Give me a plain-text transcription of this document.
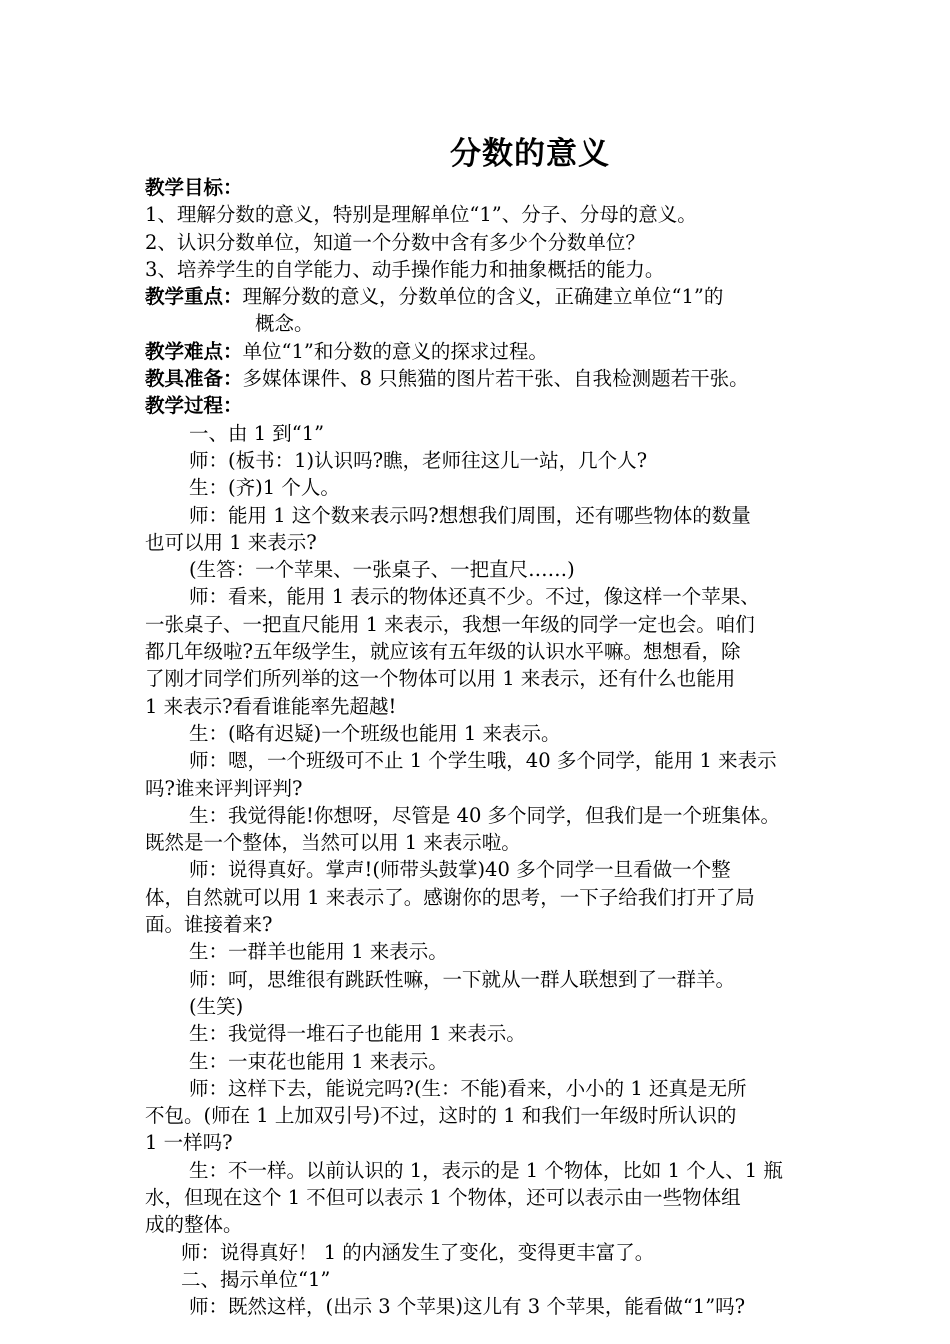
分数的意义
教学目标：
1、理解分数的意义，特别是理解单位“1”、分子、分母的意义。
2、认识分数单位，知道一个分数中含有多少个分数单位？
3、培养学生的自学能力、动手操作能力和抽象概括的能力。
教学重点：理解分数的意义，分数单位的含义，正确建立单位“1”的
概念。
教学难点：单位“1”和分数的意义的探求过程。
教具准备：多媒体课件、8 只熊猫的图片若干张、自我检测题若干张。
教学过程：
一、由 1 到“1”
师：(板书：1)认识吗?瞧，老师往这儿一站，几个人?
生：(齐)1 个人。
师：能用 1 这个数来表示吗?想想我们周围，还有哪些物体的数量
也可以用 1 来表示?
(生答：一个苹果、一张桌子、一把直尺……)
师：看来，能用 1 表示的物体还真不少。不过，像这样一个苹果、
一张桌子、一把直尺能用 1 来表示，我想一年级的同学一定也会。咱们
都几年级啦?五年级学生，就应该有五年级的认识水平嘛。想想看，除
了刚才同学们所列举的这一个物体可以用 1 来表示，还有什么也能用
1 来表示?看看谁能率先超越!
生：(略有迟疑)一个班级也能用 1 来表示。
师：嗯，一个班级可不止 1 个学生哦，40 多个同学，能用 1 来表示
吗?谁来评判评判?
生：我觉得能!你想呀，尽管是 40 多个同学，但我们是一个班集体。
既然是一个整体，当然可以用 1 来表示啦。
师：说得真好。掌声!(师带头鼓掌)40 多个同学一旦看做一个整
体，自然就可以用 1 来表示了。感谢你的思考，一下子给我们打开了局
面。谁接着来?
生：一群羊也能用 1 来表示。
师：呵，思维很有跳跃性嘛，一下就从一群人联想到了一群羊。
(生笑)
生：我觉得一堆石子也能用 1 来表示。
生：一束花也能用 1 来表示。
师：这样下去，能说完吗?(生：不能)看来，小小的 1 还真是无所
不包。(师在 1 上加双引号)不过，这时的 1 和我们一年级时所认识的
1 一样吗?
生：不一样。以前认识的 1，表示的是 1 个物体，比如 1 个人、1 瓶
水，但现在这个 1 不但可以表示 1 个物体，还可以表示由一些物体组
成的整体。
师：说得真好！ 1 的内涵发生了变化，变得更丰富了。
二、揭示单位“1”
师：既然这样，(出示 3 个苹果)这儿有 3 个苹果，能看做“1”吗?
